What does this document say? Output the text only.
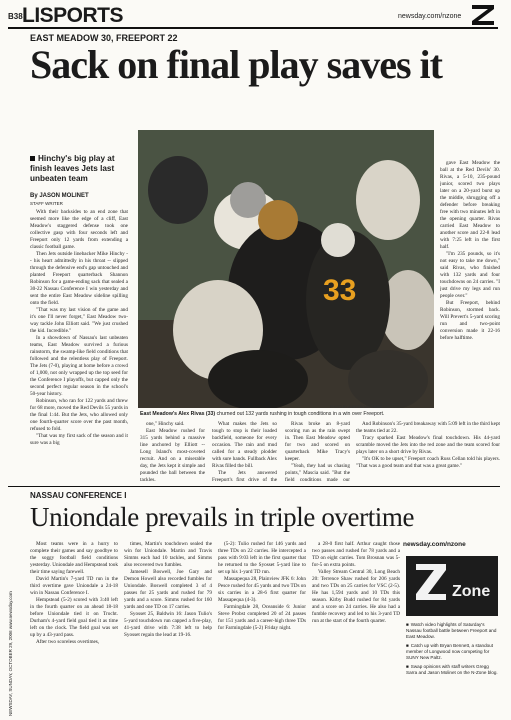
B38 LISPORTS	newsday.com/nzone
EAST MEADOW 30, FREEPORT 22
Sack on final play saves it
Hinchy's big play at finish leaves Jets last unbeaten team
By JASON MOLINET
STAFF WRITER

With their backsides to an end zone that seemed more like the edge of a cliff, East Meadow's staggered defense took one collective gasp with four seconds left and Freeport only 12 yards from extending a classic football game.

Then Jets outside linebacker Mike Hinchy -- his heart admittedly in his throat -- slipped through the defensive end's gap untouched and planted Freeport quarterback Shannon Robinson for a game-ending sack that sealed a 30-22 Nassau Conference I win yesterday and sent the entire East Meadow sideline spilling onto the field.

"That was my last vision of the game and it's one I'll never forget," East Meadow two-way tackle John Elliott said. "We just crushed the kid. Incredible."

In a showdown of Nassau's last unbeaten teams, East Meadow survived a furious rainstorm, the swamp-like field conditions that followed and the relentless play of Freeport. The Jets (7-0), playing at home before a crowd of 1,000, not only wrapped up the top seed for the Conference I playoffs, but capped only the second perfect regular season in the school's 50-year history.

Robinson, who ran for 122 yards and threw for 68 more, moved the Red Devils 55 yards in the final 1:44. But the Jets, who allowed only one fourth-quarter score over the past month, refused to fold.

"That was my first sack of the season and it sure was a big

33
PHOTO BY ANDREW MELCHIOR
East Meadow's Alex Rivas (33) churned out 132 yards rushing in tough conditions in a win over Freeport.

gave East Meadow the ball at the Red Devils' 30. Rivas, a 5-10, 235-pound junior, scored two plays later on a 20-yard burst up the middle, shrugging off a defender before breaking free with two minutes left in the opening quarter. Rivas carried East Meadow to another score and 22-8 lead with 7:25 left in the first half.

"I'm 235 pounds, so it's not easy to take me down," said Rivas, who finished with 132 yards and four touchdowns on 24 carries. "I just drive my legs and run people over."

But Freeport, behind Robinson, stormed back. Will Prevert's 5-yard scoring run and two-point conversion made it 22-16 before halftime.

one," Hinchy said.

East Meadow rushed for 315 yards behind a massive line anchored by Elliott -- Long Island's most-coveted recruit. And on a miserable day, the Jets kept it simple and pounded the ball between the tackles.

What makes the Jets so tough to stop is their loaded backfield, someone for every occasion. The rain and mud called for a steady plodder with sure hands. Fullback Alex Rivas filled the bill.

The Jets answered Freeport's first drive of the

Rivas broke an 8-yard scoring run as the rain swept in. Then East Meadow opted for two and scored on quarterback Mike Tracy's keeper.

"Yeah, they had us chasing points," Mascia said. "But the field conditions made our

And Robinson's 35-yard breakaway with 5:09 left in the third kept the teams tied at 22.

Tracy sparked East Meadow's final touchdown. His 44-yard scramble moved the Jets into the red zone and the team scored four plays later on a short drive by Rivas.

"It's OK to be upset," Freeport coach Russ Cellan told his players. "That was a good team and that was a great game."

NASSAU CONFERENCE I
Uniondale prevails in triple overtime
NEWSDAY, SUNDAY, OCTOBER 29, 2006 www.newsday.com

Most teams were in a hurry to complete their games and say goodbye to the soggy football field conditions yesterday. Uniondale and Hempstead took their time saying farewell.

David Martin's 7-yard TD run in the third overtime gave Uniondale a 24-18 win in Nassau Conference I.

Hempstead (5-2) scored with 3:40 left in the fourth quarter on an ahead 18-18 before Uniondale tied it on Trocht. Durham's 4-yard field goal tied it as time left on the clock. The field goal was set up by a 43-yard pass.

After two scoreless overtimes,

times, Martin's touchdown sealed the win for Uniondale. Martin and Travis Simms each had 10 tackles, and Simms also recovered two fumbles.

Jamesell Boswell, Joe Gary and Demon Howell also recorded fumbles for Uniondale. Boswell completed 3 of 4 passes for 25 yards and rushed for 79 yards and a score. Simms rushed for 160 yards and one TD on 17 carries.

Syosset 25, Baldwin 16: Jason Tulio's 5-yard touchdown run capped a five-play, 41-yard drive with 7:38 left to help Syosset regain the lead at 19-16.

(5-2): Tulio rushed for 146 yards and three TDs on 22 carries. He intercepted a pass with 9:03 left in the first quarter that he returned to the Syosset 5-yard line to set up his 1-yard TD run.

Massapequa 28, Plainview JFK 6: John Pesce rushed for 45 yards and two TDs on six carries in a 28-6 first quarter for Massapequa (4-3).

Farmingdale 28, Oceanside 6: Junior Steve Probst completed 20 of 24 passes for 151 yards and a career-high three TDs for Farmingdale (5-2) Friday night.

a 28-0 first half. Arthur caught those two passes and rushed for 78 yards and a TD on eight carries. Tom Brosnan was 5-for-5 on extra points.

Valley Stream Central 30, Long Beach 20: Terrence Shaw rushed for 206 yards and two TDs on 25 carries for VSC (2-5). He has 1,594 yards and 10 TDs this season. Kirby Budd rushed for 84 yards and a score on 24 carries. He also had a fumble recovery and led to his 3-yard TD run at the start of the fourth quarter.

newsday.com/nzone
Zone
■ Watch video highlights of Saturday's Nassau football battle between Freeport and East Meadow.
■ Catch up with Bryan Bennett, a standout member of Longwood now competing for SUNY New Paltz.
■ Swap opinions with staff writers Gregg Sarra and Jason Molinet on the N-Zone blog.
